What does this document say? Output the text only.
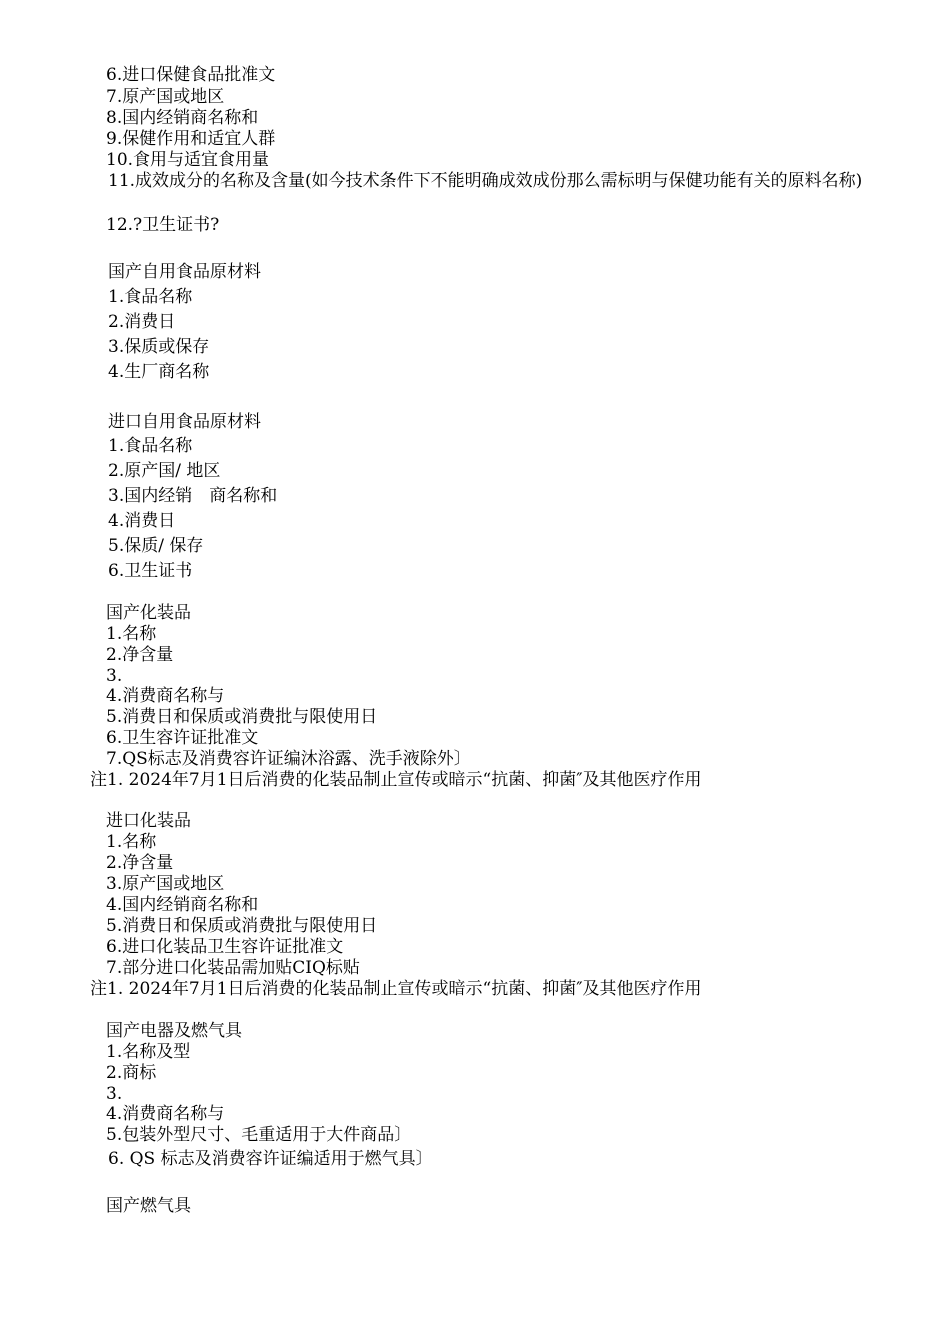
6.进口保健食品批准文
7.原产国或地区
8.国内经销商名称和
9.保健作用和适宜人群
10.食用与适宜食用量
11.成效成分的名称及含量(如今技术条件下不能明确成效成份那么需标明与保健功能有关的原料名称)
12.?卫生证书?
国产自用食品原材料
1.食品名称
2.消费日
3.保质或保存
4.生厂商名称
进口自用食品原材料
1.食品名称
2.原产国/ 地区
3.国内经销　商名称和
4.消费日
5.保质/ 保存
6.卫生证书
国产化装品
1.名称
2.净含量
3.
4.消费商名称与
5.消费日和保质或消费批与限使用日
6.卫生容许证批准文
7.QS标志及消费容许证编沐浴露、洗手液除外〕
注1. 2024年7月1日后消费的化装品制止宣传或暗示“抗菌、抑菌″及其他医疗作用
进口化装品
1.名称
2.净含量
3.原产国或地区
4.国内经销商名称和
5.消费日和保质或消费批与限使用日
6.进口化装品卫生容许证批准文
7.部分进口化装品需加贴CIQ标贴
注1. 2024年7月1日后消费的化装品制止宣传或暗示“抗菌、抑菌″及其他医疗作用
国产电器及燃气具
1.名称及型
2.商标
3.
4.消费商名称与
5.包装外型尺寸、毛重适用于大件商品〕
6. QS 标志及消费容许证编适用于燃气具〕
国产燃气具
